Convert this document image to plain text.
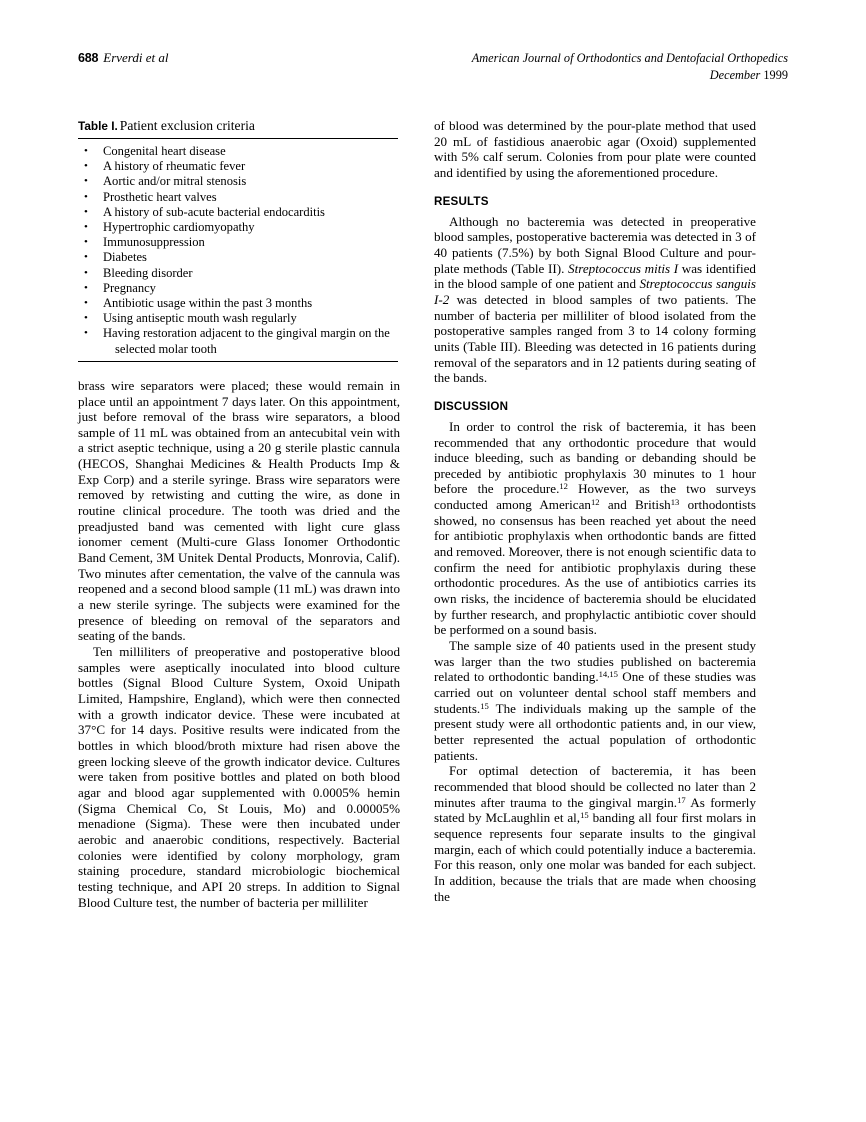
688 Erverdi et al	American Journal of Orthodontics and Dentofacial Orthopedics
December 1999
Table I. Patient exclusion criteria
• Congenital heart disease
• A history of rheumatic fever
• Aortic and/or mitral stenosis
• Prosthetic heart valves
• A history of sub-acute bacterial endocarditis
• Hypertrophic cardiomyopathy
• Immunosuppression
• Diabetes
• Bleeding disorder
• Pregnancy
• Antibiotic usage within the past 3 months
• Using antiseptic mouth wash regularly
• Having restoration adjacent to the gingival margin on the
selected molar tooth

brass wire separators were placed; these would remain in place until an appointment 7 days later. On this appointment, just before removal of the brass wire separators, a blood sample of 11 mL was obtained from an antecubital vein with a strict aseptic technique, using a 20 g sterile plastic cannula (HECOS, Shanghai Medicines & Health Products Imp & Exp Corp) and a sterile syringe. Brass wire separators were removed by retwisting and cutting the wire, as done in routine clinical procedure. The tooth was dried and the preadjusted band was cemented with light cure glass ionomer cement (Multi-cure Glass Ionomer Orthodontic Band Cement, 3M Unitek Dental Products, Monrovia, Calif). Two minutes after cementation, the valve of the cannula was reopened and a second blood sample (11 mL) was drawn into a new sterile syringe. The subjects were examined for the presence of bleeding on removal of the separators and seating of the bands.

Ten milliliters of preoperative and postoperative blood samples were aseptically inoculated into blood culture bottles (Signal Blood Culture System, Oxoid Unipath Limited, Hampshire, England), which were then connected with a growth indicator device. These were incubated at 37°C for 14 days. Positive results were indicated from the bottles in which blood/broth mixture had risen above the green locking sleeve of the growth indicator device. Cultures were taken from positive bottles and plated on both blood agar and blood agar supplemented with 0.0005% hemin (Sigma Chemical Co, St Louis, Mo) and 0.00005% menadione (Sigma). These were then incubated under aerobic and anaerobic conditions, respectively. Bacterial colonies were identified by colony morphology, gram staining procedure, standard microbiologic biochemical testing technique, and API 20 streps. In addition to Signal Blood Culture test, the number of bacteria per milliliter

of blood was determined by the pour-plate method that used 20 mL of fastidious anaerobic agar (Oxoid) supplemented with 5% calf serum. Colonies from pour plate were counted and identified by using the aforementioned procedure.

RESULTS

Although no bacteremia was detected in preoperative blood samples, postoperative bacteremia was detected in 3 of 40 patients (7.5%) by both Signal Blood Culture and pour-plate methods (Table II). Streptococcus mitis I was identified in the blood sample of one patient and Streptococcus sanguis I-2 was detected in blood samples of two patients. The number of bacteria per milliliter of blood isolated from the postoperative samples ranged from 3 to 14 colony forming units (Table III). Bleeding was detected in 16 patients during removal of the separators and in 12 patients during seating of the bands.

DISCUSSION

In order to control the risk of bacteremia, it has been recommended that any orthodontic procedure that would induce bleeding, such as banding or debanding should be preceded by antibiotic prophylaxis 30 minutes to 1 hour before the procedure.$^{12}$ However, as the two surveys conducted among American$^{12}$ and British$^{13}$ orthodontists showed, no consensus has been reached yet about the need for antibiotic prophylaxis when orthodontic bands are fitted and removed. Moreover, there is not enough scientific data to confirm the need for antibiotic prophylaxis during these orthodontic procedures. As the use of antibiotics carries its own risks, the incidence of bacteremia should be elucidated by further research, and prophylactic antibiotic cover should be performed on a sound basis.

The sample size of 40 patients used in the present study was larger than the two studies published on bacteremia related to orthodontic banding.$^{14,15}$ One of these studies was carried out on volunteer dental school staff members and students.$^{15}$ The individuals making up the sample of the present study were all orthodontic patients and, in our view, better represented the actual population of orthodontic patients.

For optimal detection of bacteremia, it has been recommended that blood should be collected no later than 2 minutes after trauma to the gingival margin.$^{17}$ As formerly stated by McLaughlin et al,$^{15}$ banding all four first molars in sequence represents four separate insults to the gingival margin, each of which could potentially induce a bacteremia. For this reason, only one molar was banded for each subject. In addition, because the trials that are made when choosing the
